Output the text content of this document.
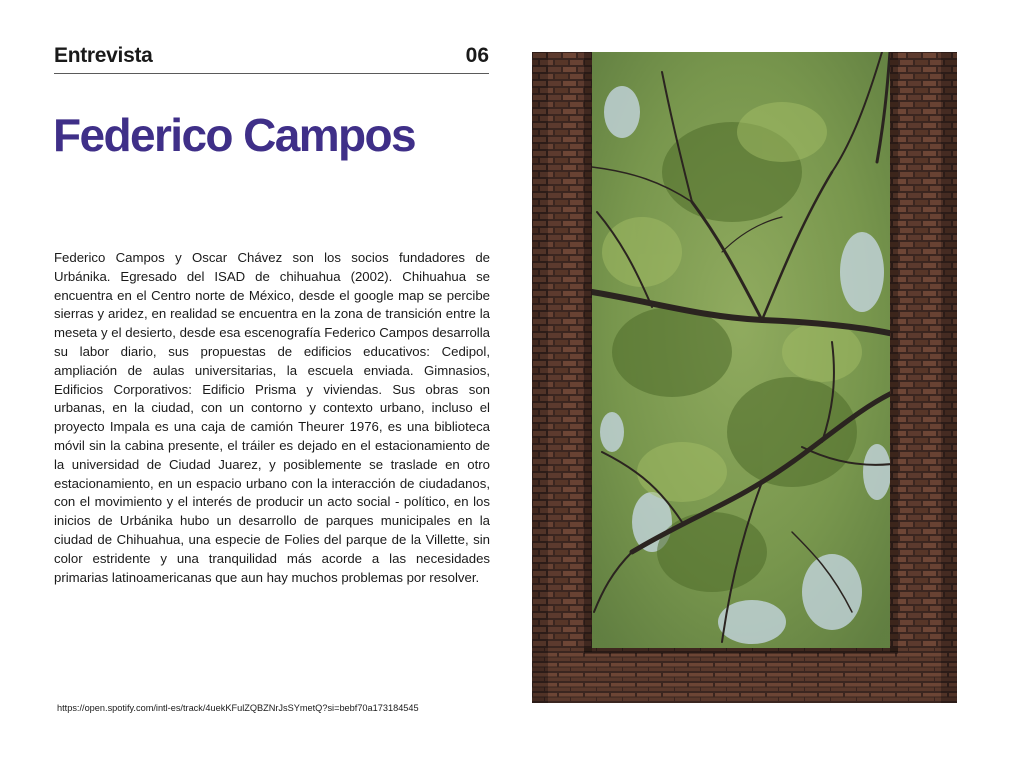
Entrevista	06
Federico Campos

Federico Campos y Oscar Chávez son los socios fundadores de Urbánika. Egresado del ISAD de chihuahua (2002). Chihuahua se encuentra en el Centro norte de México, desde el google map se percibe sierras y aridez, en realidad se encuentra en la zona de transición entre la meseta y el desierto, desde esa escenografía Federico Campos desarrolla su labor diario, sus propuestas de edificios educativos: Cedipol, ampliación de aulas universitarias, la escuela enviada. Gimnasios, Edificios Corporativos: Edificio Prisma y viviendas. Sus obras son urbanas, en la ciudad, con un contorno y contexto urbano, incluso el proyecto Impala es una caja de camión Theurer 1976, es una biblioteca móvil sin la cabina presente, el tráiler es dejado en el estacionamiento de la universidad de Ciudad Juarez, y posiblemente se traslade en otro estacionamiento, en un espacio urbano con la interacción de ciudadanos, con el movimiento y el interés de producir un acto social - político, en los inicios de Urbánika hubo un desarrollo de parques municipales en la ciudad de Chihuahua, una especie de Folies del parque de la Villette, sin color estridente y una tranquilidad más acorde a las necesidades primarias latinoamericanas que aun hay muchos problemas por resolver.

https://open.spotify.com/intl-es/track/4uekKFulZQBZNrJsSYmetQ?si=bebf70a173184545
